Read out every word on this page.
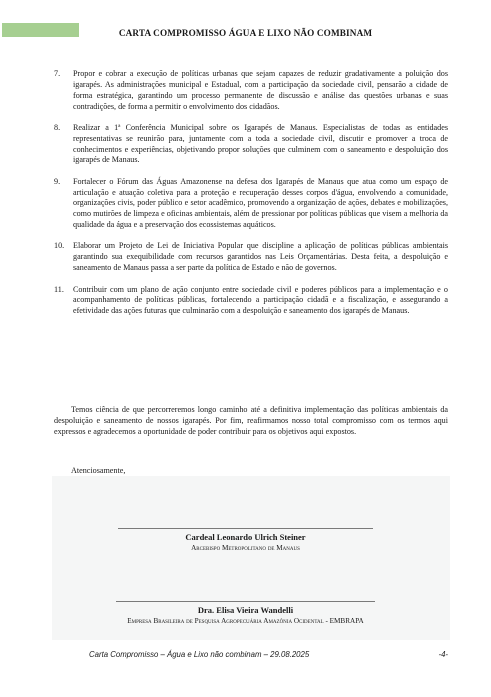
CARTA COMPROMISSO ÁGUA E LIXO NÃO COMBINAM
7. Propor e cobrar a execução de políticas urbanas que sejam capazes de reduzir gradativamente a poluição dos igarapés. As administrações municipal e Estadual, com a participação da sociedade civil, pensarão a cidade de forma estratégica, garantindo um processo permanente de discussão e análise das questões urbanas e suas contradições, de forma a permitir o envolvimento dos cidadãos.
8. Realizar a 1ª Conferência Municipal sobre os Igarapés de Manaus. Especialistas de todas as entidades representativas se reunirão para, juntamente com a toda a sociedade civil, discutir e promover a troca de conhecimentos e experiências, objetivando propor soluções que culminem com o saneamento e despoluição dos igarapés de Manaus.
9. Fortalecer o Fórum das Águas Amazonense na defesa dos Igarapés de Manaus que atua como um espaço de articulação e atuação coletiva para a proteção e recuperação desses corpos d'água, envolvendo a comunidade, organizações civis, poder público e setor acadêmico, promovendo a organização de ações, debates e mobilizações, como mutirões de limpeza e oficinas ambientais, além de pressionar por políticas públicas que visem a melhoria da qualidade da água e a preservação dos ecossistemas aquáticos.
10. Elaborar um Projeto de Lei de Iniciativa Popular que discipline a aplicação de políticas públicas ambientais garantindo sua exequibilidade com recursos garantidos nas Leis Orçamentárias. Desta feita, a despoluição e saneamento de Manaus passa a ser parte da política de Estado e não de governos.
11. Contribuir com um plano de ação conjunto entre sociedade civil e poderes públicos para a implementação e o acompanhamento de políticas públicas, fortalecendo a participação cidadã e a fiscalização, e assegurando a efetividade das ações futuras que culminarão com a despoluição e saneamento dos igarapés de Manaus.

Temos ciência de que percorreremos longo caminho até a definitiva implementação das políticas ambientais da despoluição e saneamento de nossos igarapés. Por fim, reafirmamos nosso total compromisso com os termos aqui expressos e agradecemos a oportunidade de poder contribuir para os objetivos aqui expostos.

Atenciosamente,

Cardeal Leonardo Ulrich Steiner
Arcebispo Metropolitano de Manaus
Dra. Elisa Vieira Wandelli
Empresa Brasileira de Pesquisa Agropecuária Amazônia Ocidental - EMBRAPA
Carta Compromisso – Água e Lixo não combinam – 29.08.2025	-4-
